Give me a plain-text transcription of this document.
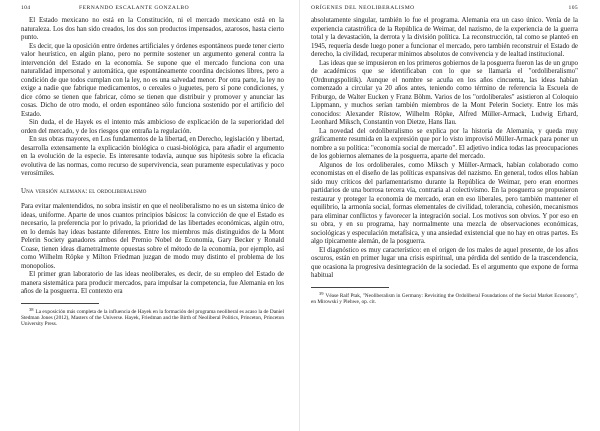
104	FERNANDO ESCALANTE GONZALBO

El Estado mexicano no está en la Constitución, ni el mercado mexicano está en la naturaleza. Los dos han sido creados, los dos son productos impensados, azarosos, hasta cierto punto.

Es decir, que la oposición entre órdenes artificiales y órdenes espontáneos puede tener cierto valor heurístico, en algún plano, pero no permite sostener un argumento general contra la intervención del Estado en la economía. Se supone que el mercado funciona con una naturalidad impersonal y automática, que espontáneamente coordina decisiones libres, pero a condición de que todos cumplan con la ley, no es una salvedad menor. Por otra parte, la ley no exige a nadie que fabrique medicamentos, o cereales o juguetes, pero sí pone condiciones, y dice cómo se tienen que fabricar, cómo se tienen que distribuir y promover y anunciar las cosas. Dicho de otro modo, el orden espontáneo sólo funciona sostenido por el artificio del Estado.

Sin duda, el de Hayek es el intento más ambicioso de explicación de la superioridad del orden del mercado, y de los riesgos que entraña la regulación.

En sus obras mayores, en Los fundamentos de la libertad, en Derecho, legislación y libertad, desarrolla extensamente la explicación biológica o cuasi-biológica, para añadir el argumento en la evolución de la especie. Es interesante todavía, aunque sus hipótesis sobre la eficacia evolutiva de las normas, como recurso de supervivencia, sean puramente especulativas y poco verosímiles.

Una versión alemana: el ordoliberalismo

Para evitar malentendidos, no sobra insistir en que el neoliberalismo no es un sistema único de ideas, uniforme. Aparte de unos cuantos principios básicos: la convicción de que el Estado es necesario, la preferencia por lo privado, la prioridad de las libertades económicas, algún otro, en lo demás hay ideas bastante diferentes. Entre los miembros más distinguidos de la Mont Pelerin Society ganadores ambos del Premio Nobel de Economía, Gary Becker y Ronald Coase, tienen ideas diametralmente opuestas sobre el método de la economía, por ejemplo, así como Wilhelm Röpke y Milton Friedman juzgan de modo muy distinto el problema de los monopolios.

El primer gran laboratorio de las ideas neoliberales, es decir, de su empleo del Estado de manera sistemática para producir mercados, para impulsar la competencia, fue Alemania en los años de la posguerra. El contexto era

$^{38}$ La exposición más completa de la influencia de Hayek en la formación del programa neoliberal es acaso la de Daniel Stedman Jones (2012), Masters of the Universe. Hayek, Friedman and the Birth of Neoliberal Politics, Princeton, Princeton University Press.

ORÍGENES DEL NEOLIBERALISMO	105

absolutamente singular, también lo fue el programa. Alemania era un caso único. Venía de la experiencia catastrófica de la República de Weimar, del nazismo, de la experiencia de la guerra total y la devastación, la derrota y la división política. La reconstrucción, tal como se planteó en 1945, requería desde luego poner a funcionar el mercado, pero también reconstruir el Estado de derecho, la civilidad, recuperar mínimos absolutos de convivencia y de lealtad institucional.

Las ideas que se impusieron en los primeros gobiernos de la posguerra fueron las de un grupo de académicos que se identificaban con lo que se llamaría el "ordoliberalismo" (Ordnungspolitik). Aunque el nombre se acuña en los años cincuenta, las ideas habían comenzado a circular ya 20 años antes, teniendo como término de referencia la Escuela de Friburgo, de Walter Eucken y Franz Böhm. Varios de los "ordoliberales" asistieron al Coloquio Lippmann, y muchos serían también miembros de la Mont Pelerin Society. Entre los más conocidos: Alexander Rüstow, Wilhelm Röpke, Alfred Müller-Armack, Ludwig Erhard, Leonhard Miksch, Constantin von Dietze, Hans Ilau.

La novedad del ordoliberalismo se explica por la historia de Alemania, y queda muy gráficamente resumida en la expresión que por lo visto improvisó Müller-Armack para poner un nombre a su política: "economía social de mercado". El adjetivo indica todas las preocupaciones de los gobiernos alemanes de la posguerra, aparte del mercado.

Algunos de los ordoliberales, como Miksch y Müller-Armack, habían colaborado como economistas en el diseño de las políticas expansivas del nazismo. En general, todos ellos habían sido muy críticos del parlamentarismo durante la República de Weimar, pero eran enormes partidarios de una borrosa tercera vía, contraria al colectivismo. En la posguerra se propusieron restaurar y proteger la economía de mercado, eran en eso liberales, pero también mantener el equilibrio, la armonía social, formas elementales de civilidad, tolerancia, cohesión, mecanismos para eliminar conflictos y favorecer la integración social. Los motivos son obvios. Y por eso en su obra, y en su programa, hay normalmente una mezcla de observaciones económicas, sociológicas y especulación metafísica, y una ansiedad existencial que no hay en otras partes. Es algo típicamente alemán, de la posguerra.

El diagnóstico es muy característico: en el origen de los males de aquel presente, de los años oscuros, están en primer lugar una crisis espiritual, una pérdida del sentido de la trascendencia, que ocasiona la progresiva desintegración de la sociedad. Es el argumento que expone de forma habitual

$^{39}$ Véase Ralf Ptak, "Neoliberalism in Germany: Revisiting the Ordoliberal Foundations of the Social Market Economy", en Mirowski y Plehwe, op. cit.
